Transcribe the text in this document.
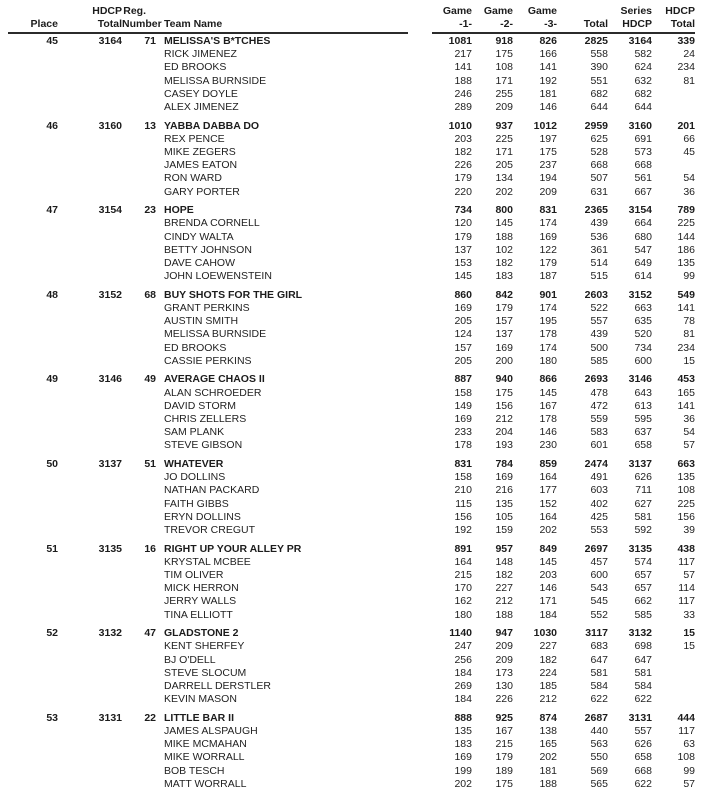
HDCP Reg.	Game	Game	Game	Series	HDCP
Place	Total Number Team Name	-1-	-2-	-3-	Total	HDCP	Total
45	3164	71 MELISSA'S B*TCHES	1081	918	826	2825	3164	339
RICK JIMENEZ	217	175	166	558	582	24
ED BROOKS	141	108	141	390	624	234
MELISSA BURNSIDE	188	171	192	551	632	81
CASEY DOYLE	246	255	181	682	682
ALEX JIMENEZ	289	209	146	644	644
46	3160	13 YABBA DABBA DO	1010	937	1012	2959	3160	201
REX PENCE	203	225	197	625	691	66
MIKE ZEGERS	182	171	175	528	573	45
JAMES EATON	226	205	237	668	668
RON WARD	179	134	194	507	561	54
GARY PORTER	220	202	209	631	667	36
47	3154	23 HOPE	734	800	831	2365	3154	789
BRENDA CORNELL	120	145	174	439	664	225
CINDY WALTA	179	188	169	536	680	144
BETTY JOHNSON	137	102	122	361	547	186
DAVE CAHOW	153	182	179	514	649	135
JOHN LOEWENSTEIN	145	183	187	515	614	99
48	3152	68 BUY SHOTS FOR THE GIRL	860	842	901	2603	3152	549
GRANT PERKINS	169	179	174	522	663	141
AUSTIN SMITH	205	157	195	557	635	78
MELISSA BURNSIDE	124	137	178	439	520	81
ED BROOKS	157	169	174	500	734	234
CASSIE PERKINS	205	200	180	585	600	15
49	3146	49 AVERAGE CHAOS II	887	940	866	2693	3146	453
ALAN SCHROEDER	158	175	145	478	643	165
DAVID STORM	149	156	167	472	613	141
CHRIS ZELLERS	169	212	178	559	595	36
SAM PLANK	233	204	146	583	637	54
STEVE GIBSON	178	193	230	601	658	57
50	3137	51 WHATEVER	831	784	859	2474	3137	663
JO DOLLINS	158	169	164	491	626	135
NATHAN PACKARD	210	216	177	603	711	108
FAITH GIBBS	115	135	152	402	627	225
ERYN DOLLINS	156	105	164	425	581	156
TREVOR CREGUT	192	159	202	553	592	39
51	3135	16 RIGHT UP YOUR ALLEY PR	891	957	849	2697	3135	438
KRYSTAL MCBEE	164	148	145	457	574	117
TIM OLIVER	215	182	203	600	657	57
MICK HERRON	170	227	146	543	657	114
JERRY WALLS	162	212	171	545	662	117
TINA ELLIOTT	180	188	184	552	585	33
52	3132	47 GLADSTONE 2	1140	947	1030	3117	3132	15
KENT SHERFEY	247	209	227	683	698	15
BJ O'DELL	256	209	182	647	647
STEVE SLOCUM	184	173	224	581	581
DARRELL DERSTLER	269	130	185	584	584
KEVIN MASON	184	226	212	622	622
53	3131	22 LITTLE BAR II	888	925	874	2687	3131	444
JAMES ALSPAUGH	135	167	138	440	557	117
MIKE MCMAHAN	183	215	165	563	626	63
MIKE WORRALL	169	179	202	550	658	108
BOB TESCH	199	189	181	569	668	99
MATT WORRALL	202	175	188	565	622	57
